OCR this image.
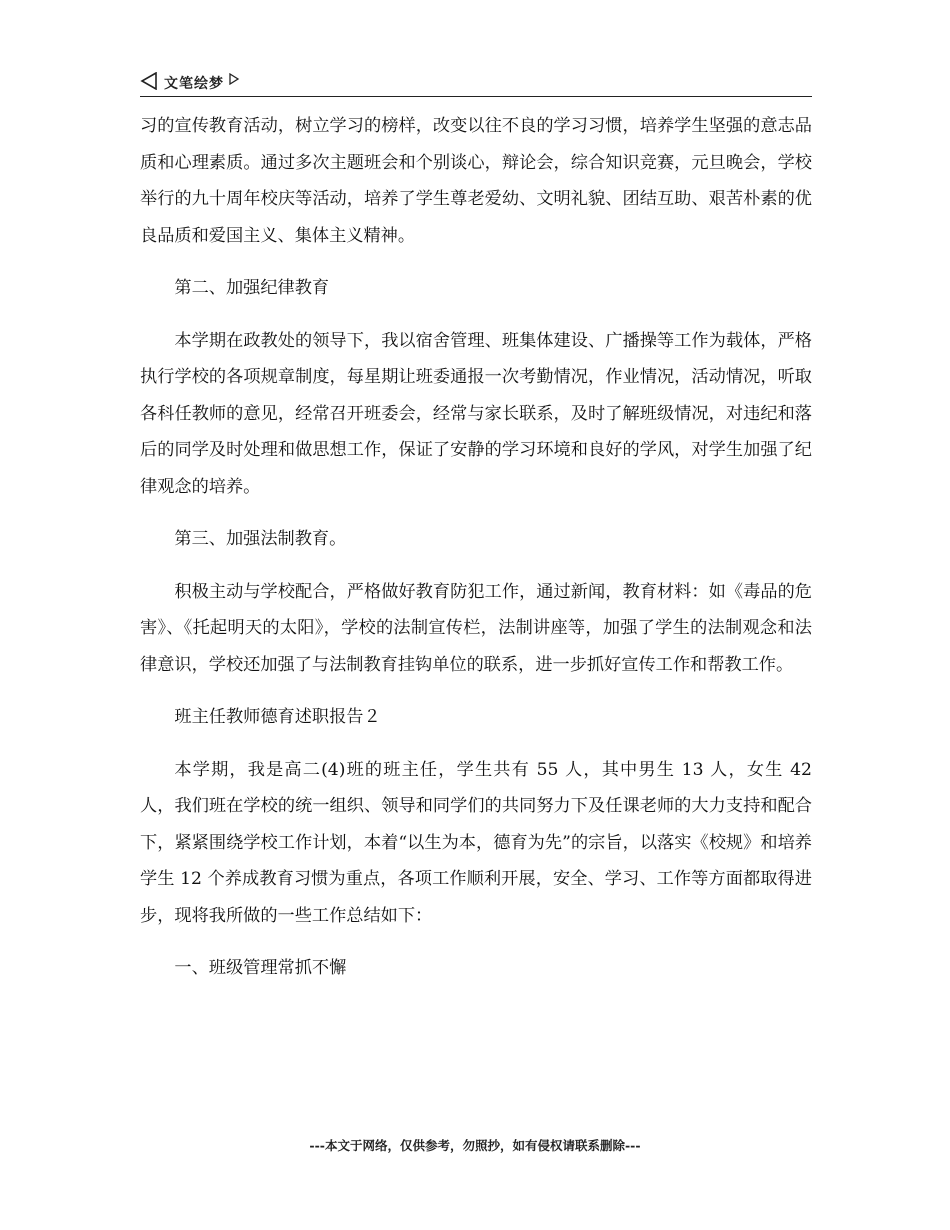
文笔绘梦

习的宣传教育活动，树立学习的榜样，改变以往不良的学习习惯，培养学生坚强的意志品质和心理素质。通过多次主题班会和个别谈心，辩论会，综合知识竞赛，元旦晚会，学校举行的九十周年校庆等活动，培养了学生尊老爱幼、文明礼貌、团结互助、艰苦朴素的优良品质和爱国主义、集体主义精神。

第二、加强纪律教育

本学期在政教处的领导下，我以宿舍管理、班集体建设、广播操等工作为载体，严格执行学校的各项规章制度，每星期让班委通报一次考勤情况，作业情况，活动情况，听取各科任教师的意见，经常召开班委会，经常与家长联系，及时了解班级情况，对违纪和落后的同学及时处理和做思想工作，保证了安静的学习环境和良好的学风，对学生加强了纪律观念的培养。

第三、加强法制教育。

积极主动与学校配合，严格做好教育防犯工作，通过新闻，教育材料：如《毒品的危害》、《托起明天的太阳》，学校的法制宣传栏，法制讲座等，加强了学生的法制观念和法律意识，学校还加强了与法制教育挂钩单位的联系，进一步抓好宣传工作和帮教工作。

班主任教师德育述职报告２

本学期，我是高二(4)班的班主任，学生共有 55 人，其中男生 13 人，女生 42 人，我们班在学校的统一组织、领导和同学们的共同努力下及任课老师的大力支持和配合下，紧紧围绕学校工作计划，本着“以生为本，德育为先”的宗旨，以落实《校规》和培养学生 12 个养成教育习惯为重点，各项工作顺利开展，安全、学习、工作等方面都取得进步，现将我所做的一些工作总结如下：

一、班级管理常抓不懈

---本文于网络，仅供参考，勿照抄，如有侵权请联系删除---
